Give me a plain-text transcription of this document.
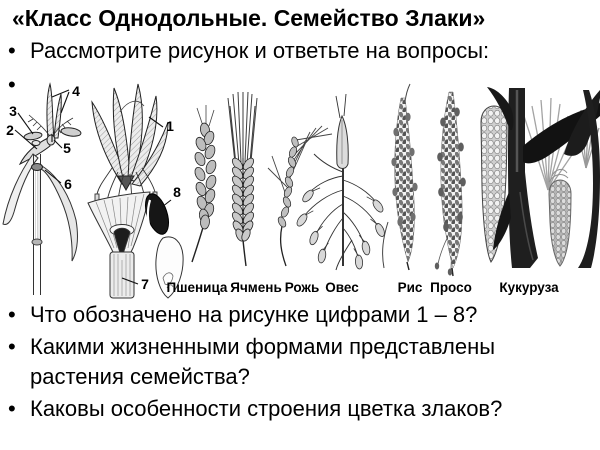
«Класс Однодольные. Семейство Злаки»
• Рассмотрите рисунок и ответьте на вопросы:
•
1
2
3
4
5
6
7
8
Пшеница Ячмень Рожь Овес	Рис Просо Кукуруза
• Что обозначено на рисунке цифрами 1 – 8?
• Какими жизненными формами представлены растения семейства?
• Каковы особенности строения цветка злаков?
